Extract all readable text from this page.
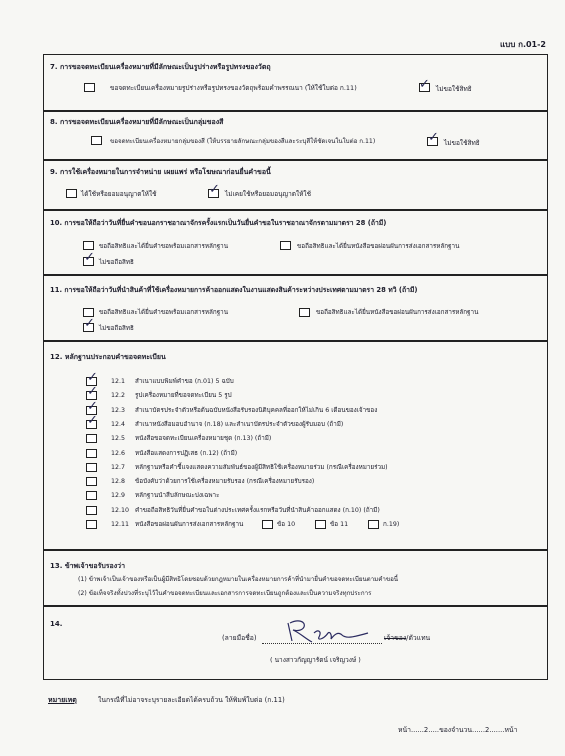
แบบ ก.01-2
7. การขอจดทะเบียนเครื่องหมายที่มีลักษณะเป็นรูปร่างหรือรูปทรงของวัตถุ
ขอจดทะเบียนเครื่องหมายรูปร่างหรือรูปทรงของวัตถุพร้อมคำพรรณนา (ให้ใช้ใบต่อ ก.11)	✓ ไม่ขอใช้สิทธิ
8. การขอจดทะเบียนเครื่องหมายที่มีลักษณะเป็นกลุ่มของสี
ขอจดทะเบียนเครื่องหมายกลุ่มของสี (ให้บรรยายลักษณะกลุ่มของสีและระบุสีให้ชัดเจนในใบต่อ ก.11)	✓ ไม่ขอใช้สิทธิ
9. การใช้เครื่องหมายในการจำหน่าย เผยแพร่ หรือโฆษณาก่อนยื่นคำขอนี้
ได้ใช้หรือยอมอนุญาตให้ใช้	✓ ไม่เคยใช้หรือยอมอนุญาตให้ใช้
10. การขอให้ถือว่าวันที่ยื่นคำขอนอกราชอาณาจักรครั้งแรกเป็นวันยื่นคำขอในราชอาณาจักรตามมาตรา 28 (ถ้ามี)
ขอถือสิทธิและได้ยื่นคำขอพร้อมเอกสารหลักฐาน	ขอถือสิทธิและได้ยื่นหนังสือขอผ่อนผันการส่งเอกสารหลักฐาน
✓ ไม่ขอถือสิทธิ
11. การขอให้ถือว่าวันที่นำสินค้าที่ใช้เครื่องหมายการค้าออกแสดงในงานแสดงสินค้าระหว่างประเทศตามมาตรา 28 ทวิ (ถ้ามี)
ขอถือสิทธิและได้ยื่นคำขอพร้อมเอกสารหลักฐาน	ขอถือสิทธิและได้ยื่นหนังสือขอผ่อนผันการส่งเอกสารหลักฐาน
✓ ไม่ขอถือสิทธิ
12. หลักฐานประกอบคำขอจดทะเบียน
✓ 12.1 สำเนาแบบพิมพ์คำขอ (ก.01) 5 ฉบับ
✓ 12.2 รูปเครื่องหมายที่ขอจดทะเบียน 5 รูป
✓ 12.3 สำเนาบัตรประจำตัวหรือต้นฉบับหนังสือรับรองนิติบุคคลที่ออกให้ไม่เกิน 6 เดือนของเจ้าของ
✓ 12.4 สำเนาหนังสือมอบอำนาจ (ก.18) และสำเนาบัตรประจำตัวของผู้รับมอบ (ถ้ามี)
12.5 หนังสือขอจดทะเบียนเครื่องหมายชุด (ก.13) (ถ้ามี)
12.6 หนังสือแสดงการปฏิเสธ (ก.12) (ถ้ามี)
12.7 หลักฐานหรือคำชี้แจงแสดงความสัมพันธ์ของผู้มีสิทธิใช้เครื่องหมายร่วม (กรณีเครื่องหมายร่วม)
12.8 ข้อบังคับว่าด้วยการใช้เครื่องหมายรับรอง (กรณีเครื่องหมายรับรอง)
12.9 หลักฐานนำสืบลักษณะบ่งเฉพาะ
12.10 คำขอถือสิทธิวันที่ยื่นคำขอในต่างประเทศครั้งแรกหรือวันที่นำสินค้าออกแสดง (ก.10) (ถ้ามี)
12.11 หนังสือขอผ่อนผันการส่งเอกสารหลักฐาน	ข้อ 10	ข้อ 11	ก.19)
13. ข้าพเจ้าขอรับรองว่า
(1) ข้าพเจ้าเป็นเจ้าของหรือเป็นผู้มีสิทธิโดยชอบด้วยกฎหมายในเครื่องหมายการค้าที่นำมายื่นคำขอจดทะเบียนตามคำขอนี้
(2) ข้อเท็จจริงทั้งปวงที่ระบุไว้ในคำขอจดทะเบียนและเอกสารการจดทะเบียนถูกต้องและเป็นความจริงทุกประการ
14.
(ลายมือชื่อ)	เจ้าของ/ตัวแทน
( นางสาวกัญญารัตน์ เจริญวงษ์ )
หมายเหตุ	ในกรณีที่ไม่อาจระบุรายละเอียดได้ครบถ้วน ให้พิมพ์ใบต่อ (ก.11)
หน้า......2.....ของจำนวน......2.......หน้า
